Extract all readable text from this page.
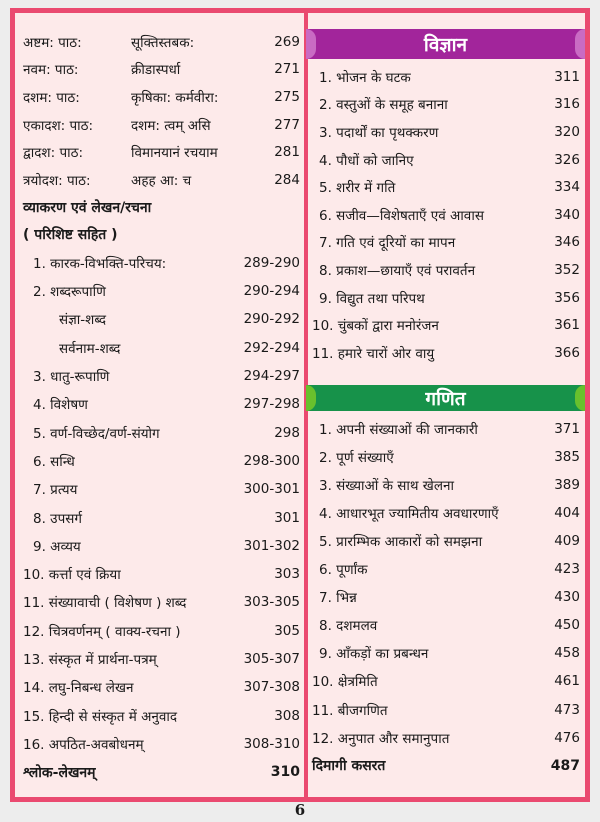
अष्टम: पाठ:	सूक्तिस्तबक:	269
नवम: पाठ:	क्रीडास्पर्धा	271
दशम: पाठ:	कृषिका: कर्मवीरा:	275
एकादश: पाठ:	दशम: त्वम् असि	277
द्वादश: पाठ:	विमानयानं रचयाम	281
त्रयोदश: पाठ:	अहह आ: च	284
व्याकरण एवं लेखन/रचना
( परिशिष्ट सहित )
1. कारक-विभक्ति-परिचय:	289-290
2. शब्दरूपाणि	290-294
संज्ञा-शब्द	290-292
सर्वनाम-शब्द	292-294
3. धातु-रूपाणि	294-297
4. विशेषण	297-298
5. वर्ण-विच्छेद/वर्ण-संयोग	298
6. सन्धि	298-300
7. प्रत्यय	300-301
8. उपसर्ग	301
9. अव्यय	301-302
10. कर्त्ता एवं क्रिया	303
11. संख्यावाची ( विशेषण ) शब्द	303-305
12. चित्रवर्णनम् ( वाक्य-रचना )	305
13. संस्कृत में प्रार्थना-पत्रम्	305-307
14. लघु-निबन्ध लेखन	307-308
15. हिन्दी से संस्कृत में अनुवाद	308
16. अपठित-अवबोधनम्	308-310
श्लोक-लेखनम्	310
विज्ञान
1. भोजन के घटक	311
2. वस्तुओं के समूह बनाना	316
3. पदार्थों का पृथक्करण	320
4. पौधों को जानिए	326
5. शरीर में गति	334
6. सजीव—विशेषताएँ एवं आवास	340
7. गति एवं दूरियों का मापन	346
8. प्रकाश—छायाएँ एवं परावर्तन	352
9. विद्युत तथा परिपथ	356
10. चुंबकों द्वारा मनोरंजन	361
11. हमारे चारों ओर वायु	366
गणित
1. अपनी संख्याओं की जानकारी	371
2. पूर्ण संख्याएँ	385
3. संख्याओं के साथ खेलना	389
4. आधारभूत ज्यामितीय अवधारणाएँ	404
5. प्रारम्भिक आकारों को समझना	409
6. पूर्णांक	423
7. भिन्न	430
8. दशमलव	450
9. आँकड़ों का प्रबन्धन	458
10. क्षेत्रमिति	461
11. बीजगणित	473
12. अनुपात और समानुपात	476
दिमागी कसरत	487
6
